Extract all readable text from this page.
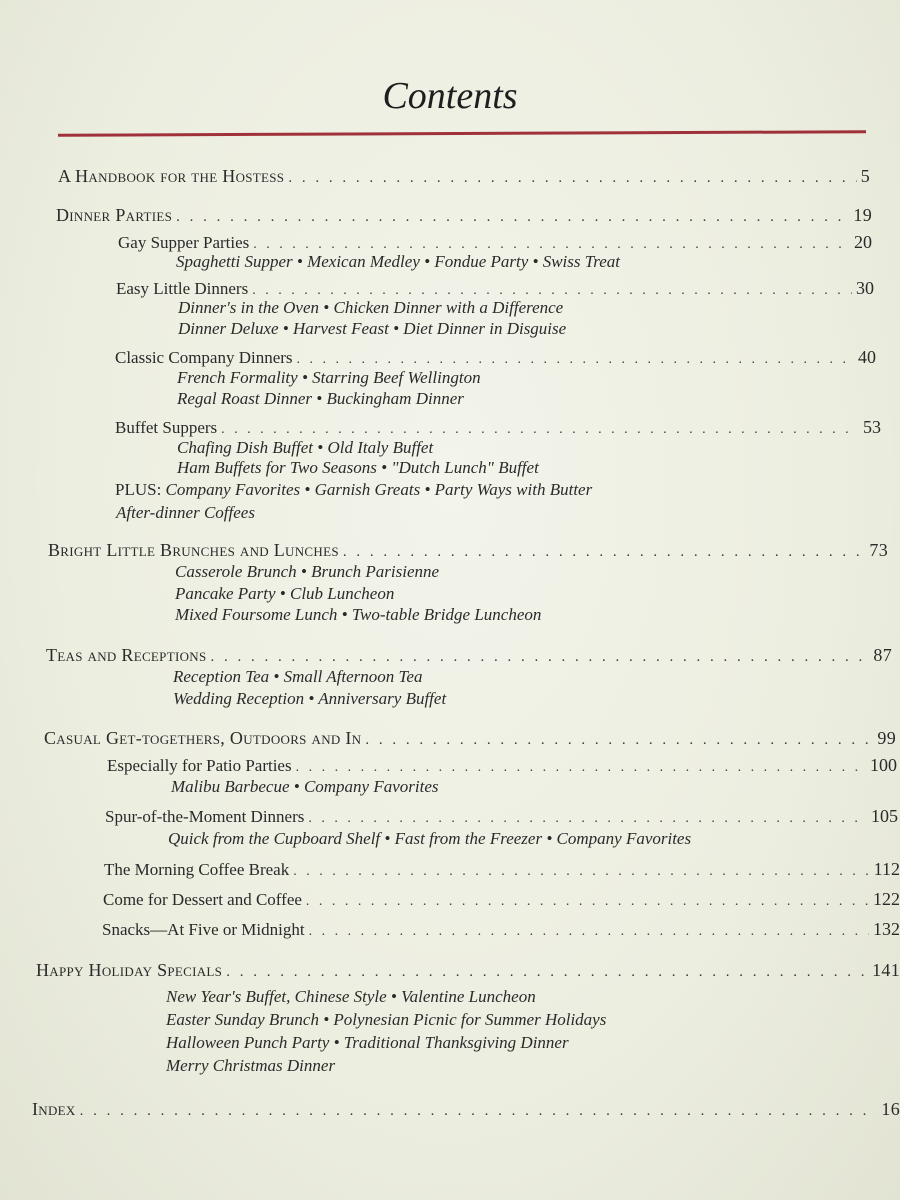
Contents
A Handbook for the Hostess . . .	5
Dinner Parties . . .	19
Gay Supper Parties . . .	20
Spaghetti Supper • Mexican Medley • Fondue Party • Swiss Treat
Easy Little Dinners . . .	30
Dinner's in the Oven • Chicken Dinner with a Difference
Dinner Deluxe • Harvest Feast • Diet Dinner in Disguise
Classic Company Dinners . . .	40
French Formality • Starring Beef Wellington
Regal Roast Dinner • Buckingham Dinner
Buffet Suppers . . .	53
Chafing Dish Buffet • Old Italy Buffet
Ham Buffets for Two Seasons • "Dutch Lunch" Buffet
PLUS: Company Favorites • Garnish Greats • Party Ways with Butter
After-dinner Coffees
Bright Little Brunches and Lunches . . .	73
Casserole Brunch • Brunch Parisienne
Pancake Party • Club Luncheon
Mixed Foursome Lunch • Two-table Bridge Luncheon
Teas and Receptions . . .	87
Reception Tea • Small Afternoon Tea
Wedding Reception • Anniversary Buffet
Casual Get-togethers, Outdoors and In . . .	99
Especially for Patio Parties . . .	100
Malibu Barbecue • Company Favorites
Spur-of-the-Moment Dinners . . .	105
Quick from the Cupboard Shelf • Fast from the Freezer • Company Favorites
The Morning Coffee Break . . .	112
Come for Dessert and Coffee . . .	122
Snacks—At Five or Midnight . . .	132
Happy Holiday Specials . . .	141
New Year's Buffet, Chinese Style • Valentine Luncheon
Easter Sunday Brunch • Polynesian Picnic for Summer Holidays
Halloween Punch Party • Traditional Thanksgiving Dinner
Merry Christmas Dinner
Index . . .	16
